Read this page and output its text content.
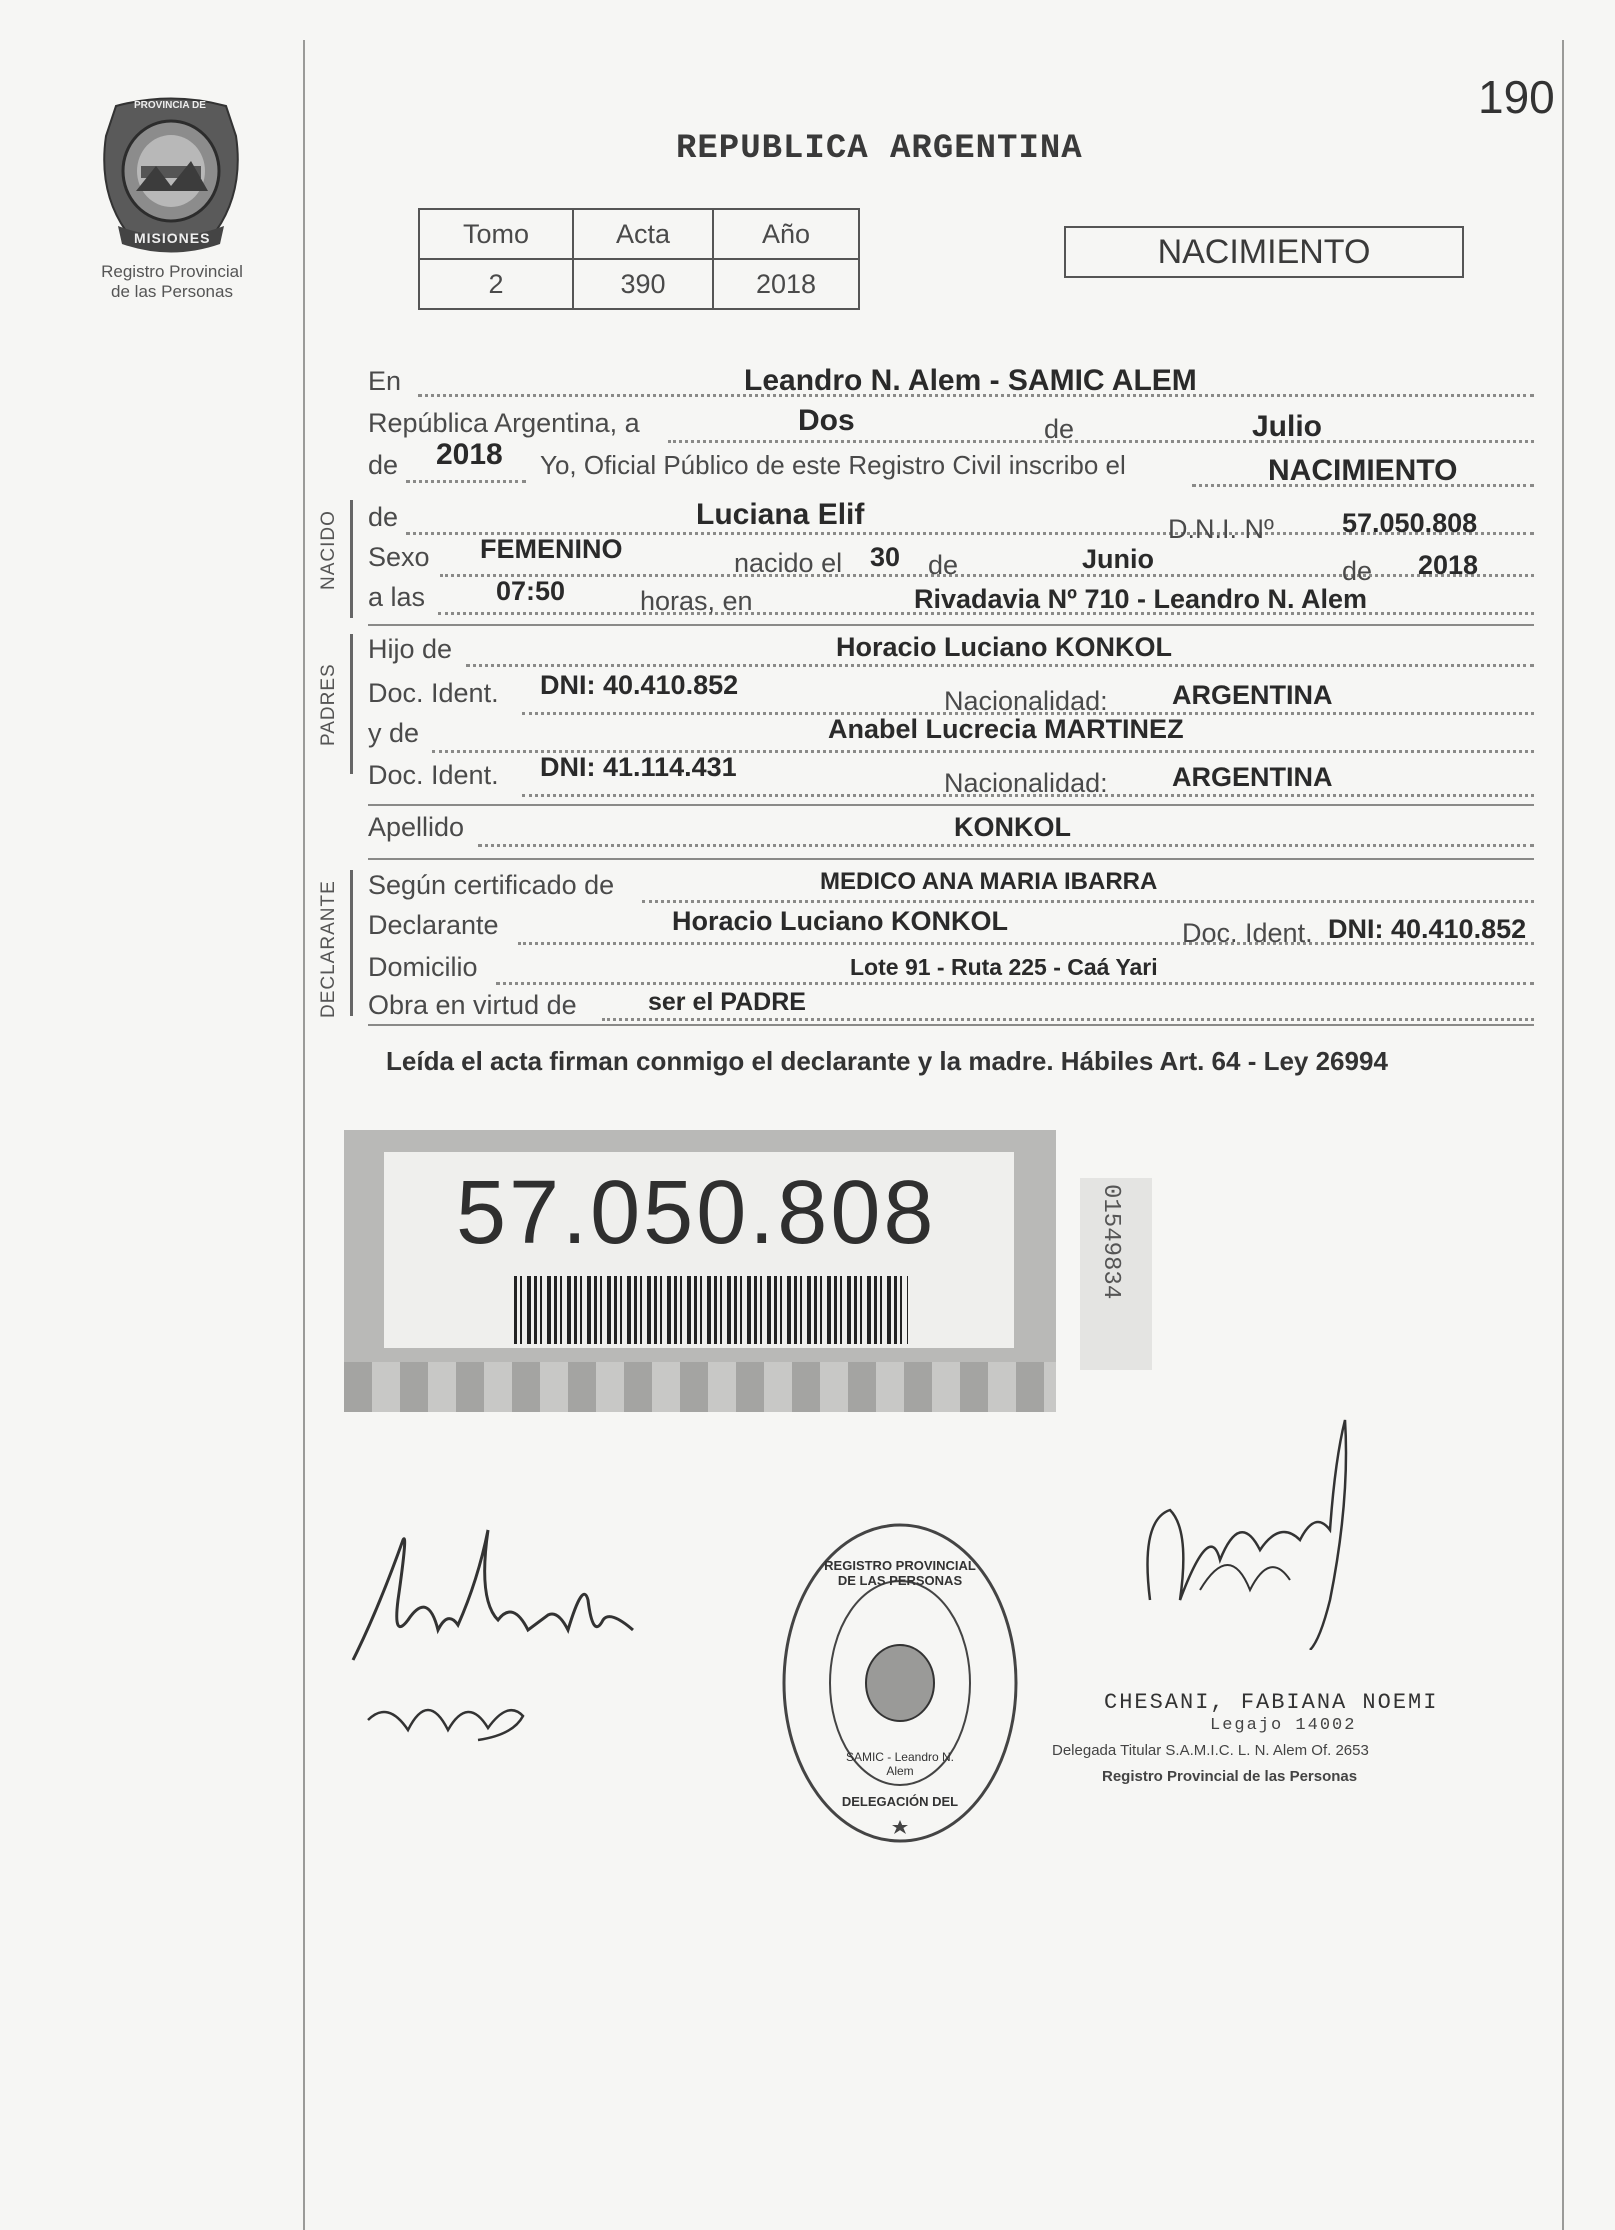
190
PROVINCIA DE
MISIONES
Registro Provincial
de las Personas
REPUBLICA ARGENTINA
Tomo	Acta	Año
2	390	2018
NACIMIENTO
NACIDO
PADRES
DECLARANTE
En	Leandro N. Alem - SAMIC ALEM
República Argentina, a	Dos	de	Julio
de 2018 Yo, Oficial Público de este Registro Civil inscribo el	NACIMIENTO
de	Luciana Elif	D.N.I. Nº	57.050.808
Sexo FEMENINO	nacido el 30 de	Junio	de 2018
a las	07:50	horas, en	Rivadavia Nº 710 - Leandro N. Alem
Hijo de	Horacio Luciano KONKOL
Doc. Ident. DNI: 40.410.852
Nacionalidad: ARGENTINA
y de	Anabel Lucrecia MARTINEZ
Doc. Ident. DNI: 41.114.431
Nacionalidad: ARGENTINA
Apellido	KONKOL
Según certificado de	MEDICO ANA MARIA IBARRA
Declarante	Horacio Luciano KONKOL	Doc. Ident. DNI: 40.410.852
Domicilio	Lote 91 - Ruta 225 - Caá Yari
Obra en virtud de	ser el PADRE
Leída el acta firman conmigo el declarante y la madre. Hábiles Art. 64 - Ley 26994
57.050.808	01549834
REGISTRO PROVINCIAL DE LAS PERSONAS
DELEGACIÓN DEL
SAMIC - Leandro N. Alem
CHESANI, FABIANA NOEMI
Legajo 14002
Delegada Titular S.A.M.I.C. L. N. Alem Of. 2653
Registro Provincial de las Personas
